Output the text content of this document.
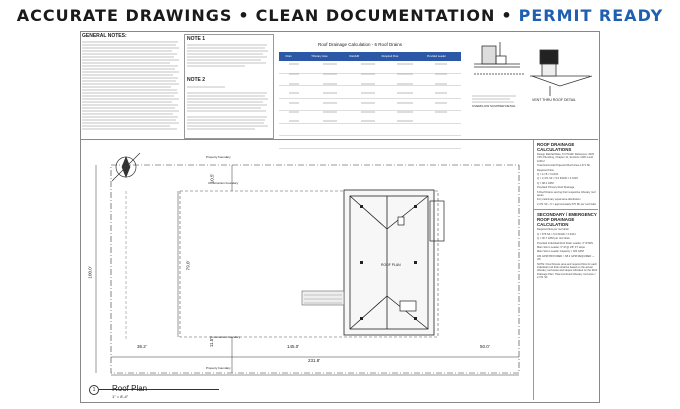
ACCURATE DRAWINGS • CLEAN DOCUMENTATION • PERMIT READY
GENERAL NOTES:	NOTE 1
NOTE 2
Roof Drainage Calculation - 6 Roof Drains
Drain	Tributary Area	Rain/HR	Required Flow	Provided Leader

OVERFLOW SCUPPER DETAIL
VENT THRU ROOF DETAIL
Property boundary
Construction boundary
Construction boundary
Property boundary
ROOF PLAN
100.0'
79.0'
10.5'
11.5'
36.2'	145.0'	50.0'
231.8'
ROOF DRAINAGE CALCULATIONS
Design Rainfall Rate, 5.0 IN/HR. Reference: 2022 CPC Plumbing, Chapter 11, Sections 1106.1 and 1106.2
Total Horizontal Projected Roof Area 2,471 SF
Required Flow
Q = A / B = 0.0104
Q = 2,471 SF × 5.0 IN/HR = 0.0104
Q = 68.2 GPM
Provided Primary Roof Drainage
6 Roof Drains serving their respective tributary roof areas
For preliminary equal area distribution
2,471 SF ÷ 6 = approximately 576 SF per roof drain
SECONDARY / EMERGENCY ROOF DRAINAGE CALCULATION
Required flow per roof drain
Q = 576 SF × 5.0 IN/HR = 0.0104
Q = 30.7 GPM per roof drain
Provided Individual Roof Drain Leader: 4" Ø MIN
Main Storm Leader: 6" Ø @ 1/8" FT slope
Main Storm Leader Capacity = 184 GPM
184 GPM PROVIDED > 68.2 GPM REQUIRED — OK
NOTE: Final fixtures area and required flow for each individual roof drain shall be based on the actual tributary roof areas and slopes indicated on the Roof Drainage Plan. Total combined tributary roof area = 2,471 SF
1	Roof Plan
1" = 8'-4"
